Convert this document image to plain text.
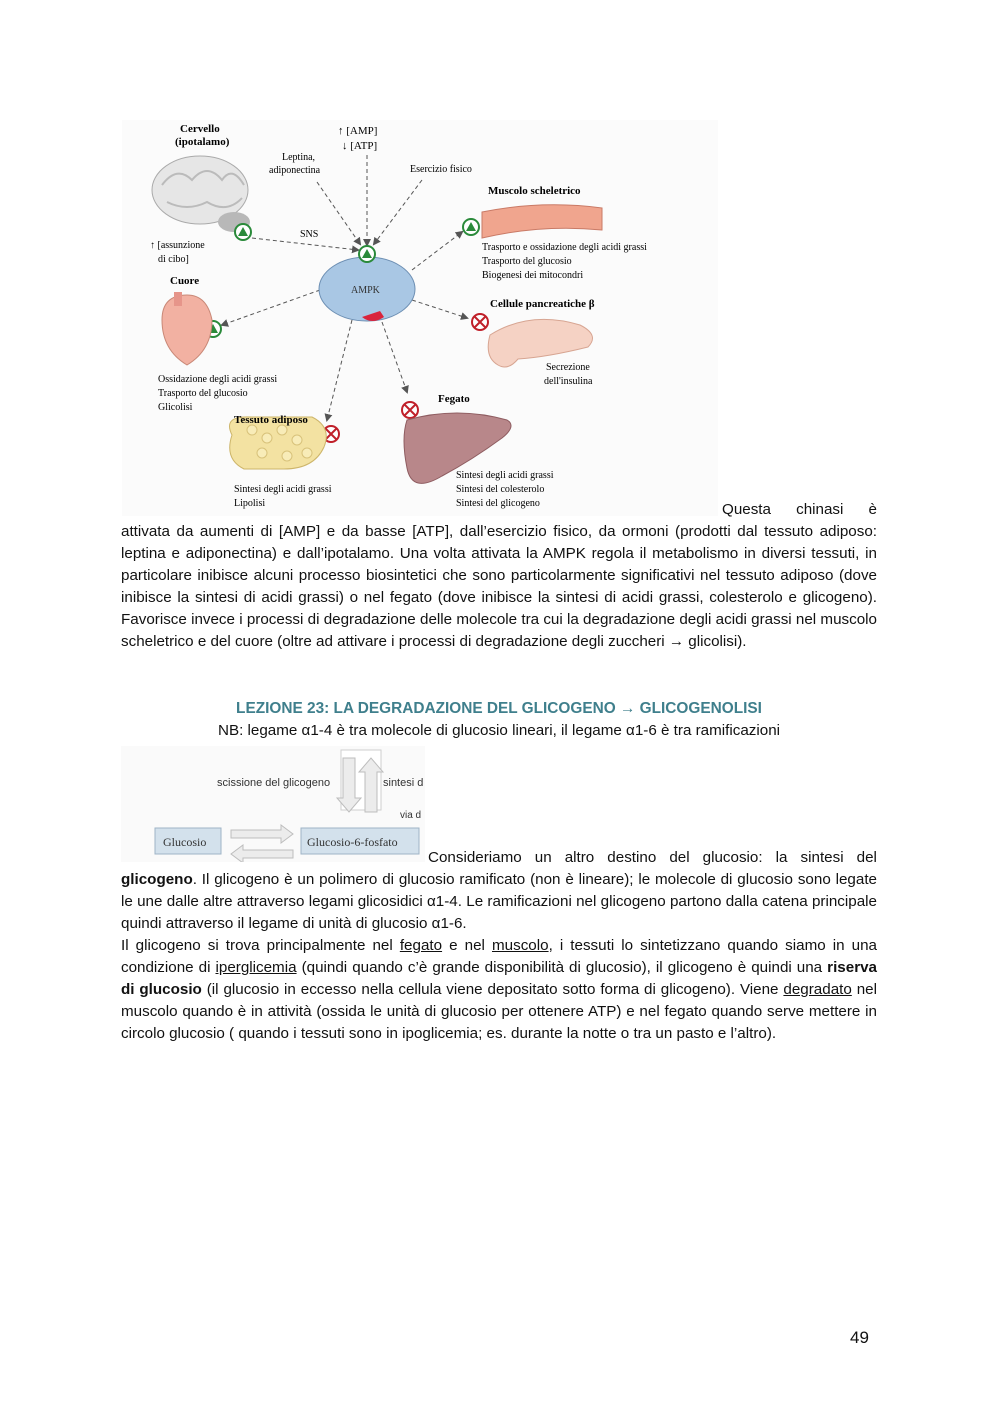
Cervello
(ipotalamo)
↑ [AMP]
↓ [ATP]
Leptina,
adiponectina	Esercizio fisico
SNS
↑ [assunzione
di cibo]
AMPK
Muscolo scheletrico
Trasporto e ossidazione degli acidi grassi
Trasporto del glucosio
Biogenesi dei mitocondri
Cuore
Ossidazione degli acidi grassi
Trasporto del glucosio
Glicolisi
Cellule pancreatiche β
Secrezione
dell'insulina
Tessuto adiposo
Sintesi degli acidi grassi
Lipolisi
Fegato
Sintesi degli acidi grassi
Sintesi del colesterolo
Sintesi del glicogeno	Questa chinasi è
attivata da aumenti di [AMP] e da basse [ATP], dall’esercizio fisico, da ormoni (prodotti dal tessuto adiposo: leptina e adiponectina) e dall’ipotalamo. Una volta attivata la AMPK regola il metabolismo in diversi tessuti, in particolare inibisce alcuni processo biosintetici che sono particolarmente significativi nel tessuto adiposo (dove inibisce la sintesi di acidi grassi) o nel fegato (dove inibisce la sintesi di acidi grassi, colesterolo e glicogeno). Favorisce invece i processi di degradazione delle molecole tra cui la degradazione degli acidi grassi nel muscolo scheletrico e del cuore (oltre ad attivare i processi di degradazione degli zuccheri → glicolisi).
LEZIONE 23: LA DEGRADAZIONE DEL GLICOGENO → GLICOGENOLISI
NB: legame α1-4 è tra molecole di glucosio lineari, il legame α1-6 è tra ramificazioni
scissione del glicogeno	sintesi d
via d
Glucosio	Glucosio-6-fosfato
Consideriamo un altro destino del glucosio: la sintesi del
glicogeno. Il glicogeno è un polimero di glucosio ramificato (non è lineare); le molecole di glucosio sono legate le une dalle altre attraverso legami glicosidici α1-4. Le ramificazioni nel glicogeno partono dalla catena principale quindi attraverso il legame di unità di glucosio α1-6.
Il glicogeno si trova principalmente nel fegato e nel muscolo, i tessuti lo sintetizzano quando siamo in una condizione di iperglicemia (quindi quando c’è grande disponibilità di glucosio), il glicogeno è quindi una riserva di glucosio (il glucosio in eccesso nella cellula viene depositato sotto forma di glicogeno). Viene degradato nel muscolo quando è in attività (ossida le unità di glucosio per ottenere ATP) e nel fegato quando serve mettere in circolo glucosio ( quando i tessuti sono in ipoglicemia; es. durante la notte o tra un pasto e l’altro).
49
